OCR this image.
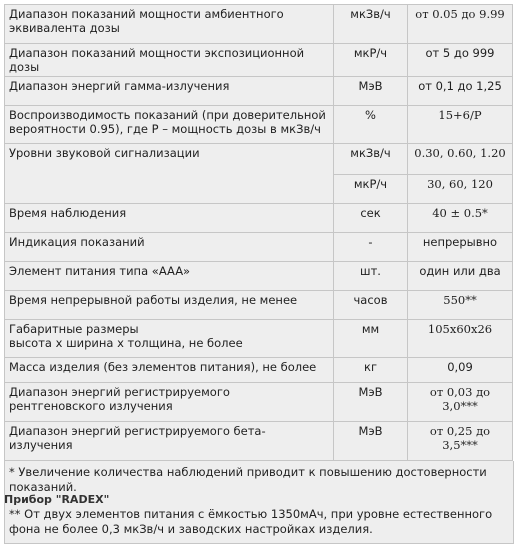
Диапазон показаний мощности амбиентного эквивалента дозы	мкЗв/ч	от 0.05 до 9.99
Диапазон показаний мощности экспозиционной дозы	мкР/ч	от 5 до 999
Диапазон энергий гамма-излучения	МэВ	от 0,1 до 1,25
Воспроизводимость показаний (при доверительной вероятности 0.95), где Р – мощность дозы в мкЗв/ч	%	15+6/Р
Уровни звуковой сигнализации	мкЗв/ч	0.30, 0.60, 1.20
	мкР/ч	30, 60, 120
Время наблюдения	сек	40 ± 0.5*
Индикация показаний	-	непрерывно
Элемент питания типа «AAA»	шт.	один или два
Время непрерывной работы изделия, не менее	часов	550**
Габаритные размеры
высота х ширина х толщина, не более	мм	105x60x26
Масса изделия (без элементов питания), не более	кг	0,09
Диапазон энергий регистрируемого рентгеновского излучения	МэВ	от 0,03 до 3,0***
Диапазон энергий регистрируемого бета-излучения	МэВ	от 0,25 до 3,5***

* Увеличение количества наблюдений приводит к повышению достоверности показаний.

** От двух элементов питания с ёмкостью 1350мАч, при уровне естественного фона не более 0,3 мкЗв/ч и заводских настройках изделия.

Прибор "RADEX"
